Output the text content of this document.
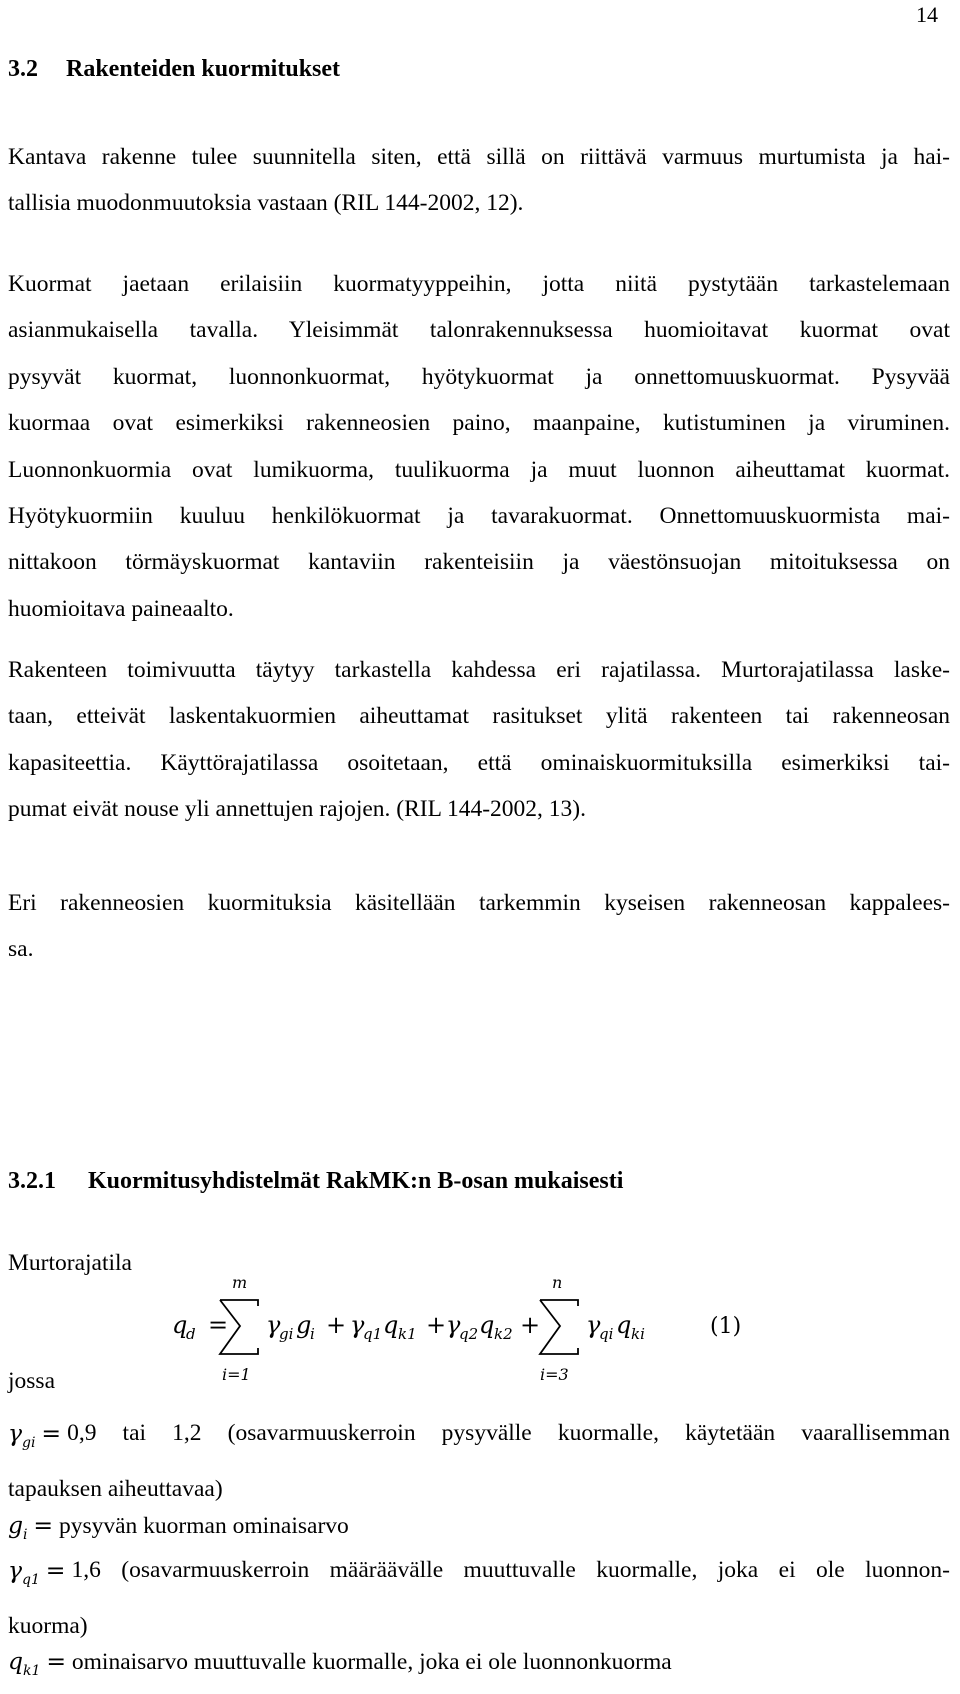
14
3.2 Rakenteiden kuormitukset

Kantava rakenne tulee suunnitella siten, että sillä on riittävä varmuus murtumista ja hai-
tallisia muodonmuutoksia vastaan (RIL 144-2002, 12).

Kuormat jaetaan erilaisiin kuormatyyppeihin, jotta niitä pystytään tarkastelemaan
asianmukaisella tavalla. Yleisimmät talonrakennuksessa huomioitavat kuormat ovat
pysyvät kuormat, luonnonkuormat, hyötykuormat ja onnettomuuskuormat. Pysyvää
kuormaa ovat esimerkiksi rakenneosien paino, maanpaine, kutistuminen ja viruminen.
Luonnonkuormia ovat lumikuorma, tuulikuorma ja muut luonnon aiheuttamat kuormat.
Hyötykuormiin kuuluu henkilökuormat ja tavarakuormat. Onnettomuuskuormista mai-
nittakoon törmäyskuormat kantaviin rakenteisiin ja väestönsuojan mitoituksessa on
huomioitava paineaalto.

Rakenteen toimivuutta täytyy tarkastella kahdessa eri rajatilassa. Murtorajatilassa laske-
taan, etteivät laskentakuormien aiheuttamat rasitukset ylitä rakenteen tai rakenneosan
kapasiteettia. Käyttörajatilassa osoitetaan, että ominaiskuormituksilla esimerkiksi tai-
pumat eivät nouse yli annettujen rajojen. (RIL 144-2002, 13).

Eri rakenneosien kuormituksia käsitellään tarkemmin kyseisen rakenneosan kappalees-
sa.

3.2.1 Kuormitusyhdistelmät RakMK:n B-osan mukaisesti
Murtorajatila
q
d =
m
i=1
γ
gi g
i + γ
q1 q k1 + γ
q2 q k2 +
n
i=3
γ
qi q ki	(1)
jossa
$\gamma_{gi} = 0,9$ tai 1,2 (osavarmuuskerroin pysyvälle kuormalle, käytetään vaarallisemman
tapauksen aiheuttavaa)
$g_i$ = pysyvän kuorman ominaisarvo
$\gamma_{q1} = 1,6$ (osavarmuuskerroin määräävälle muuttuvalle kuormalle, joka ei ole luonnon-
kuorma)
$q_{k1}$ = ominaisarvo muuttuvalle kuormalle, joka ei ole luonnonkuorma
